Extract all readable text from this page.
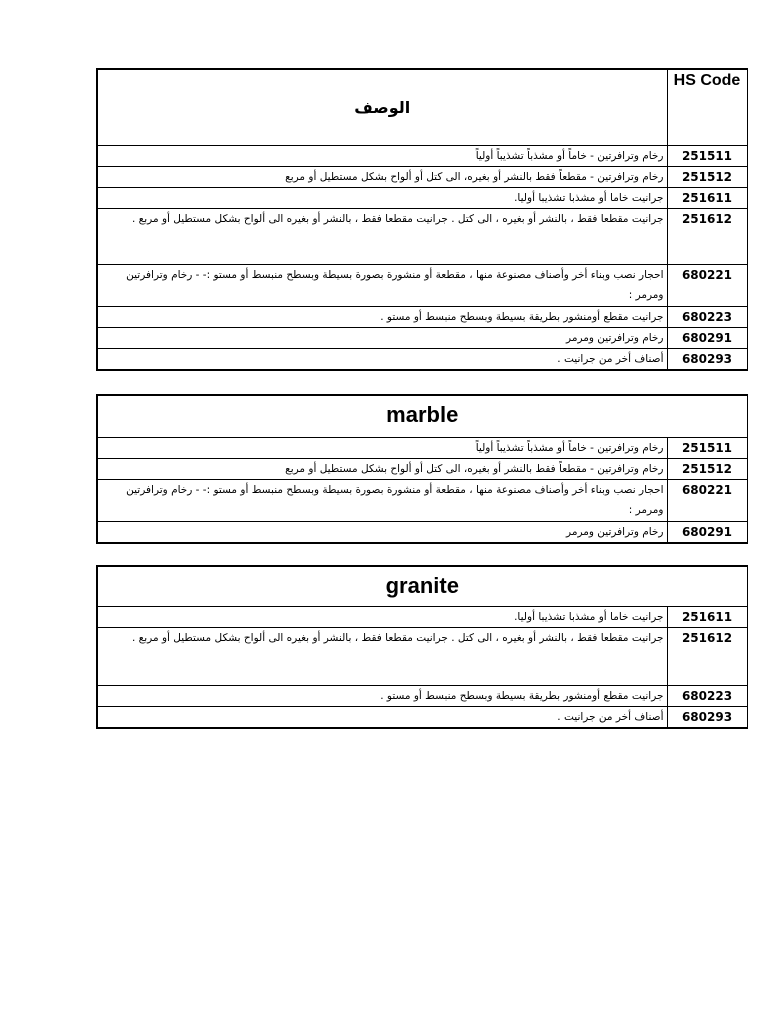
الوصف	HS Code
رخام وترافرتين - خاماً أو مشذباً تشذيباً أولياً	251511
رخام وترافرتين - مقطعاً فقط بالنشر أو بغيره، الى كتل أو ألواح بشكل مستطيل أو مربع	251512
جرانيت خاما أو مشذبا تشذيبا أوليا.	251611
جرانيت مقطعا فقط ، بالنشر أو بغيره ، الى كتل . جرانيت مقطعا فقط ، بالنشر أو بغيره الى ألواح بشكل مستطيل أو مربع .	251612
احجار نصب وبناء أخر وأصناف مصنوعة منها ، مقطعة أو منشورة بصورة بسيطة وبسطح منبسط أو مستو :- - رخام وترافرتين ومرمر :	680221
جرانيت مقطع أومنشور بطريقة بسيطة وبسطح منبسط أو مستو .	680223
رخام وترافرتين ومرمر	680291
أصناف أخر من جرانيت .	680293
marble	
رخام وترافرتين - خاماً أو مشذباً تشذيباً أولياً	251511
رخام وترافرتين - مقطعاً فقط بالنشر أو بغيره، الى كتل أو ألواح بشكل مستطيل أو مربع	251512
احجار نصب وبناء أخر وأصناف مصنوعة منها ، مقطعة أو منشورة بصورة بسيطة وبسطح منبسط أو مستو :- - رخام وترافرتين ومرمر :	680221
رخام وترافرتين ومرمر	680291
granite	
جرانيت خاما أو مشذبا تشذيبا أوليا.	251611
جرانيت مقطعا فقط ، بالنشر أو بغيره ، الى كتل . جرانيت مقطعا فقط ، بالنشر أو بغيره الى ألواح بشكل مستطيل أو مربع .	251612
جرانيت مقطع أومنشور بطريقة بسيطة وبسطح منبسط أو مستو .	680223
أصناف أخر من جرانيت .	680293
